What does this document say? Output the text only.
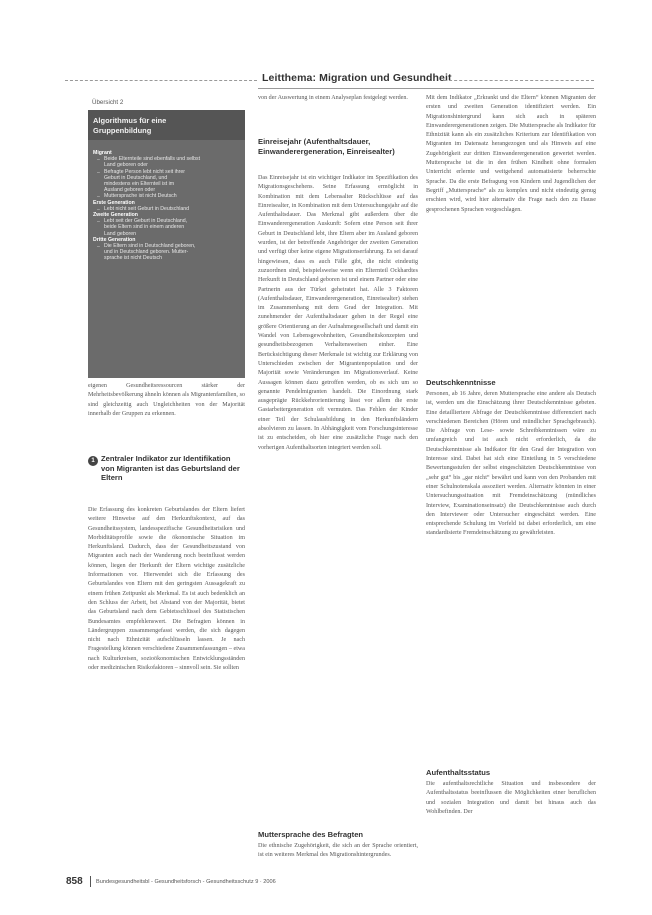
Leitthema: Migration und Gesundheit
Übersicht 2
Algorithmus für eine
Gruppenbildung
Migrant
– Beide Elternteile sind ebenfalls und selbst
Land geboren oder
– Befragte Person lebt nicht seit ihrer
Geburt in Deutschland, und
mindestens ein Elternteil ist im
Ausland geboren oder
– Muttersprache ist nicht Deutsch
Erste Generation
– Lebt nicht seit Geburt in Deutschland
Zweite Generation
– Lebt seit der Geburt in Deutschland,
beide Eltern sind in einem anderen
Land geboren
Dritte Generation
– Die Eltern sind in Deutschland geboren,
und in Deutschland geboren. Mutter-
sprache ist nicht Deutsch

eigenen Gesundheitsressourcen stärker der Mehrheitsbevölkerung ähneln können als Migrantenfamilien, so sind gleichzeitig auch Ungleichheiten von der Majorität innerhalb der Gruppen zu erkennen.

1 Zentraler Indikator zur Identifikation von Migranten ist das Geburtsland der Eltern

Die Erfassung des konkreten Geburtslandes der Eltern liefert weitere Hinweise auf den Herkunftskontext, auf das Gesundheitssystem, landesspezifische Gesundheitsrisiken und Morbiditätsprofile sowie die ökonomische Situation im Herkunftsland. Dadurch, dass der Gesundheitszustand von Migranten auch nach der Wanderung noch beeinflusst werden können, liegen der Herkunft der Eltern wichtige zusätzliche Informationen vor. Hierwendet sich die Erfassung des Geburtslandes von Eltern mit den geringsten Aussagekraft zu einem frühen Zeitpunkt als Merkmal. Es ist auch bedenklich an den Schluss der Arbeit, bei Abstand von der Majorität, bietet das Geburtsland nach dem Gebietsschlüssel des Statistischen Bundesamtes empfehlenswert. Die Befragten können in Ländergruppen zusammengefasst werden, die sich dagegen nicht nach Ethnizität aufschlüsseln lassen. Je nach Fragestellung können verschiedene Zusammenfassungen – etwa nach Kulturkreisen, sozioökonomischen Entwicklungsständen oder medizinischen Risikofaktoren – sinnvoll sein. Sie sollten

von der Auswertung in einem Analyseplan festgelegt werden.

Einreisejahr (Aufenthaltsdauer, Einwanderergeneration, Einreisealter)

Das Einreisejahr ist ein wichtiger Indikator im Spezifikation des Migrationsgeschehens. Seine Erfassung ermöglicht in Kombination mit dem Lebensalter Rückschlüsse auf das Einreisealter, in Kombination mit dem Untersuchungsjahr auf die Aufenthaltsdauer. Das Merkmal gibt außerdem über die Einwanderergeneration Auskunft: Sofern eine Person seit ihrer Geburt in Deutschland lebt, ihre Eltern aber im Ausland geboren wurden, ist der betreffende Angehöriger der zweiten Generation und verfügt über keine eigene Migrationserfahrung. Es sei darauf hingewiesen, dass es auch Fälle gibt, die nicht eindeutig zuzuordnen sind, beispielsweise wenn ein Elternteil Ockhardtes Herkunft in Deutschland geboren ist und einem Partner oder eine Partnerin aus der Türkei geheiratet hat. Alle 3 Faktoren (Aufenthaltsdauer, Einwanderergeneration, Einreisealter) stehen im Zusammenhang mit dem Grad der Integration. Mit zunehmender der Aufenthaltsdauer gehen in der Regel eine größere Orientierung an der Aufnahmegesellschaft und damit ein Wandel von Lebensgewohnheiten, Gesundheitskonzepten und gesundheitsbezogenen Verhaltensweisen einher. Eine Berücksichtigung dieser Merkmale ist wichtig zur Erklärung von Unterschieden zwischen der Migrantenpopulation und der Majorität sowie Veränderungen im Migrationsverlauf. Keine Aussagen können dazu getroffen werden, ob es sich um so genannte Pendelmigranten handelt. Die Einordnung stark ausgeprägte Rückkehrorientierung lässt vor allem die erste Gastarbeitergeneration oft vermuten. Das Fehlen der Kinder einer Teil der Schulausbildung in den Herkunftsländern absolvieren zu lassen. In Abhängigkeit vom Forschungsinteresse ist zu entscheiden, ob hier eine zusätzliche Frage nach den vorherigen Aufenthaltsorten integriert werden soll.

Muttersprache des Befragten

Die ethnische Zugehörigkeit, die sich an der Sprache orientiert, ist ein weiteres Merkmal des Migrationshintergrundes.

Mit dem Indikator „Erkrankt und die Eltern“ können Migranten der ersten und zweiten Generation identifiziert werden. Ein Migrationshintergrund kann sich auch in späteren Einwanderergenerationen zeigen. Die Muttersprache als Indikator für Ethnizität kann als ein zusätzliches Kriterium zur Identifikation von Migranten im Datensatz herangezogen und als Hinweis auf eine Zugehörigkeit zur dritten Einwanderergeneration gewertet werden. Muttersprache ist die in den frühen Kindheit ohne formalen Unterricht erlernte und weitgehend automatisierte beherrschte Sprache. Da die erste Befragung von Kindern und Jugendlichen der Begriff „Muttersprache“ als zu komplex und nicht eindeutig genug erschien wird, wird hier alternativ die Frage nach den zu Hause gesprochenen Sprachen vorgeschlagen.

Deutschkenntnisse

Personen, ab 16 Jahre, deren Muttersprache eine andere als Deutsch ist, werden um die Einschätzung ihrer Deutschkenntnisse gebeten. Eine detailliertere Abfrage der Deutschkenntnisse differenziert nach verschiedenen Bereichen (Hören und mündlicher Sprachgebrauch). Die Abfrage von Lese- sowie Schreibkenntnissen wäre zu umfangreich und ist auch nicht erforderlich, da die Deutschkenntnisse als Indikator für den Grad der Integration von Interesse sind. Dabei hat sich eine Einteilung in 5 verschiedene Bewertungsstufen der selbst eingeschätzten Deutschkenntnisse von „sehr gut“ bis „gar nicht“ bewährt und kann von den Probanden mit einer Schulnotenskala assoziiert werden. Alternativ könnten in einer Untersuchungssituation mit Fremdeinschätzung (mündliches Interview, Examinationseinsatz) die Deutschkenntnisse auch durch den Interviewer oder Untersucher eingeschätzt werden. Eine entsprechende Schulung im Vorfeld ist dabei erforderlich, um eine standardisierte Fremdeinschätzung zu gewährleisten.

Aufenthaltsstatus

Die aufenthaltsrechtliche Situation und insbesondere der Aufenthaltsstatus beeinflussen die Möglichkeiten einer beruflichen und sozialen Integration und damit bei hinaus auch das Wohlbefinden. Der

858 Bundesgesundheitsbl - Gesundheitsforsch - Gesundheitsschutz 9 · 2006
